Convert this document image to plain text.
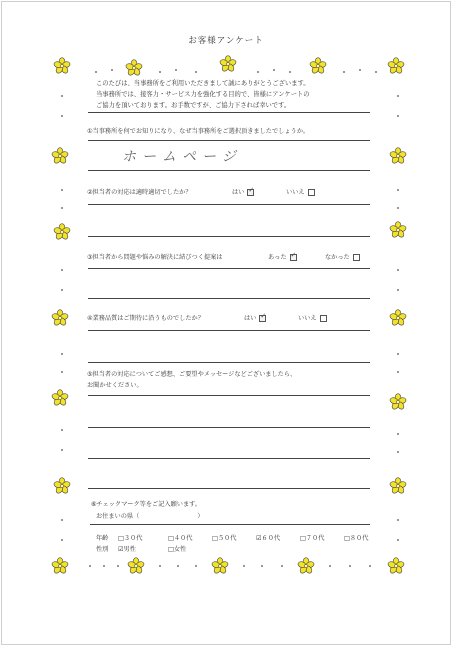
お客様アンケート
このたびは、当事務所をご利用いただきまして誠にありがとうございます。
当事務所では、接客力・サービス力を強化する目的で、皆様にアンケートの
ご協力を頂いております。お手数ですが、ご協力下されば幸いです。
①当事務所を何でお知りになり、なぜ当事務所をご選択頂きましたでしょうか。
ホームページ
②担当者の対応は適時適切でしたか？	はい ✓	いいえ
③担当者から問題や悩みの解決に結びつく提案は	あった ✓	なかった
④業務品質はご期待に沿うものでしたか？	はい ✓	いいえ
⑤担当者の対応についてご感想、ご要望やメッセージなどございましたら、
お聞かせください。
⑥チェックマーク等をご記入願います。
お住まいの県（	）
年齢 □３０代	□４０代	□５０代	☑６０代	□７０代	□８０代
性別 ☑男性	□女性
